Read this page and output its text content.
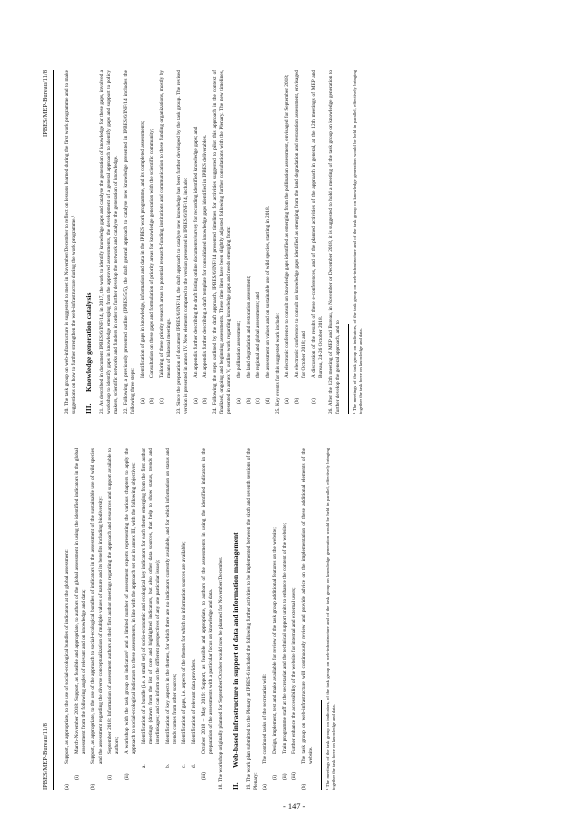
IPBES/MEP-Bureau/11/8
IPBES/MEP-Bureau/11/8
(a)
Support, as appropriate, to the use of social-ecological bundles of indicators at the global assessment:
(i)
March-November 2018: Support, as feasible and appropriate, to authors of the global assessment in using the identified indicators in the global assessment from the following angles of relevant and on knowledge and data;
(b)
Support, as appropriate, to the use of the approach to social-ecological bundles of indicators in the assessment of the sustainable use of wild species and the assessment regarding the diverse conceptualization of multiple values of nature and its benefits including biodiversity:
(i)
September 2018: Information of assessment authors at their first author meetings regarding the approach and resources and support available to authors;
(ii)
A workshop with the task group on indicators¹ and a limited number of assessment experts representing the various chapters to apply the approach to social-ecological indicators to these assessments, in line with the approach set out in annex III, with the following objectives:
a.
Identification of a bundle (i.e. a small set) of socio-economic and ecological key indicators for each theme emerging from the first author meetings (drawn from the list of core and highlighted indicators, but also other data sources, that help to show status, trends and interlinkages; and can inform on the different perspectives of any one particular issue);
b.
Identification of key aspects in the themes, for which there are no indicators currently available, and for which information on status and trends comes from other sources;
c.
Identification of gaps, i.e. aspects of the themes for which no information sources are available;
d.
Identification of relevant data providers.
(iii)
October 2018 – May 2019: Support, as feasible and appropriate, to authors of the assessments in using the identified indicators in the preparation of the assessments with a particular focus on knowledge and data. 18. The workshop originally planned for September/October would now be planned for November/December. II.
Web-based infrastructure in support of data and information management 19. The work plan submitted to the Plenary at IPBES-6 included the following further activities to be implemented between the sixth and seventh sessions of the Plenary: (a)
The continued tasks of the secretariat will:
(i)
Design, implement, test and make available for review of the task group additional features on the website;
(ii)
Train programme staff at the secretariat and the technical support units to enhance the content of the website;
(iii)
Further enhance the accessibility of the website for internal and external users;
(b)
The task group on web-infrastructure will continuously review and provide advice on the implementation of these additional elements of the website. ¹ The meetings of the task group on indicators, of the task group on web-infrastructure and of the task group on knowledge generation would be held in parallel, effectively bringing together the task force on knowledge and data.

20. The task group on web-infrastructure is suggested to meet in November/December to reflect on lessons learned during the first work programme and to make suggestions on how to further strengthen the web-infrastructure during the work programme.¹ III.
Knowledge generation catalysis 21. As described in document IPBES/6/INF/14, in 2017, the work to identify knowledge gaps and catalyse the generation of knowledge for these gaps, involved a workshop to identify gaps in knowledge emerging from the approved assessments, the development of a general approach to identify gaps and support to policy makers, scientific networks and funders in order to further develop the network and catalyse the generation of knowledge. 22. Following a previously presented outline (IPBES/5/5), the draft general approach to catalyse new knowledge presented in IPBES/6/INF/14 includes the following three steps: (a)
Identification of gaps in knowledge, information and data in the IPBES work programme, and its completed assessments;
(b)
Consultation on these gaps and formulation of priority areas for knowledge generation with the scientific community;
(c)
Tailoring of these priority research areas to potential research-funding institutions and communication to these funding organizations, mostly by means of bilateral meetings. 23. Since the preparation of document IPBES/6/INF/14, the draft approach to catalyse new knowledge has been further developed by the task group. The revised version is presented in annex IV. New elements compared to the version presented in IPBES/6/INF/14, include: (a)
An appendix further describing the draft listing online documents/survey for recording identified knowledge gaps; and
(b)
An appendix further describing a draft template for consolidated knowledge gaps identified in IPBES deliverables. 24. Following the steps outlined by the draft approach, IPBES/6/INF/14 presented timelines for activities suggested to pilot this approach in the context of finalized, ongoing and beginning assessments. These time lines have been slightly adjusted following further consultations with the Plenary. The new timelines, presented in annex V, outline work regarding knowledge gaps and needs emerging from: (a)
the pollination assessment;
(b)
the land degradation and restoration assessment;
(c)
the regional and global assessments; and
(d)
the assessment on values and on sustainable use of wild species, starting in 2018. 25. Key events for this suggested work include: (a)
An electronic conference to consult on knowledge gaps identified as emerging from the pollination assessment, envisaged for September 2018;
(b)
An electronic conference to consult on knowledge gaps identified as emerging from the land degradation and restoration assessment, envisaged for October 2018; and
(c)
A discussion of the results of these e-conferences, and of the planned activities of the approach in general, at the 12th meetings of MEP and Bureau, 24-26 October 2018. 26. After the 12th meeting of MEP and Bureau, in November or December 2018, it is suggested to hold a meeting of the task group on knowledge generation to further develop the general approach, and to ¹ The meetings of the task group on indicators, of the task group on web-infrastructure and of the task group on knowledge generation would be held in parallel, effectively bringing together the task force on knowledge and data.
- 147 -
